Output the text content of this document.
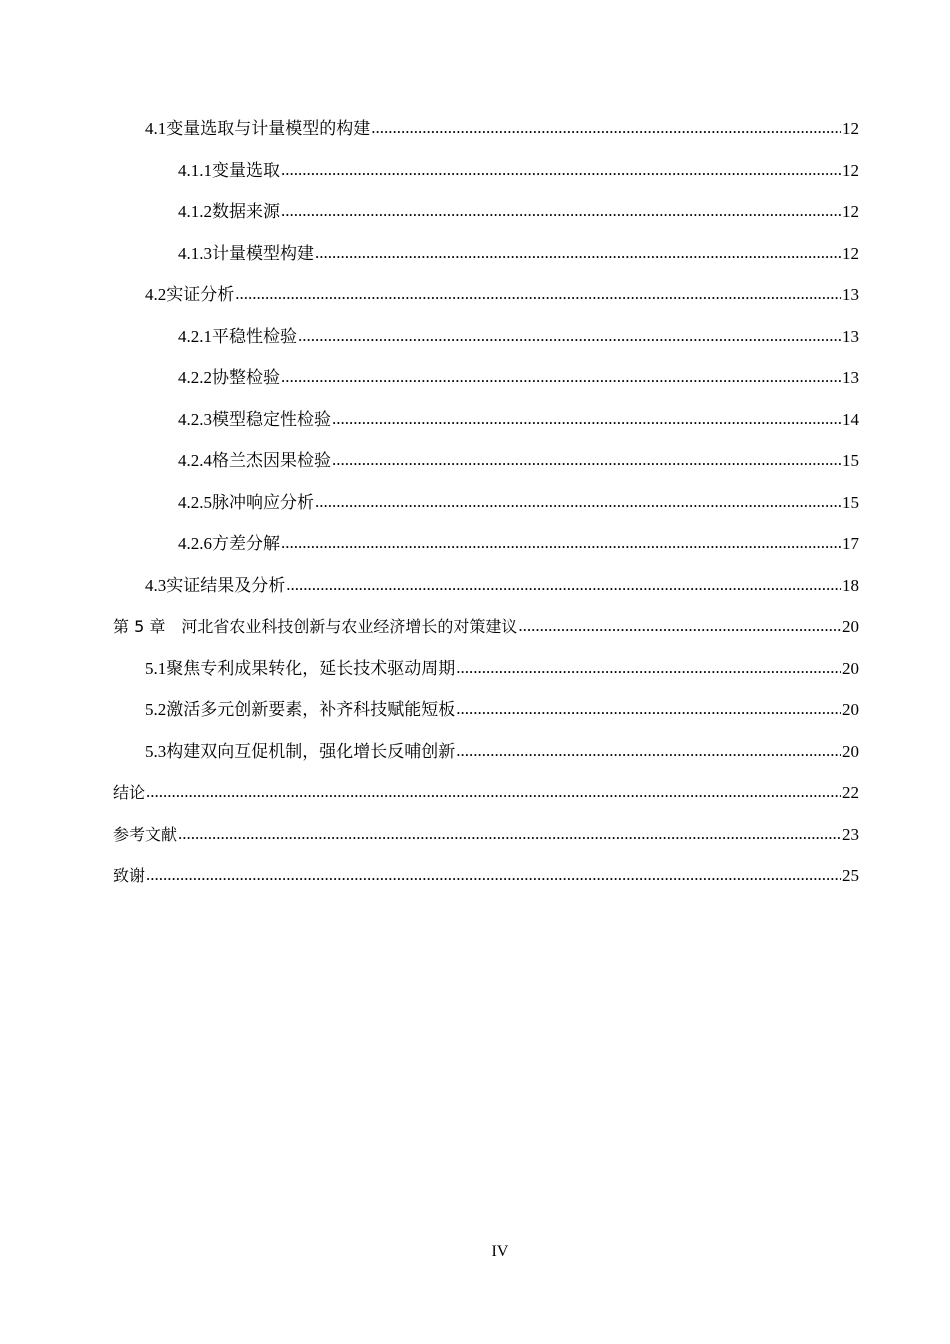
4.1 变量选取与计量模型的构建 .....	12
4.1.1 变量选取 .....	12
4.1.2 数据来源 .....	12
4.1.3 计量模型构建 .....	12
4.2 实证分析 .....	13
4.2.1 平稳性检验 .....	13
4.2.2 协整检验 .....	13
4.2.3 模型稳定性检验 .....	14
4.2.4 格兰杰因果检验 .....	15
4.2.5 脉冲响应分析 .....	15
4.2.6 方差分解 .....	17
4.3 实证结果及分析 .....	18
第 5 章 河北省农业科技创新与农业经济增长的对策建议 .....	20
5.1 聚焦专利成果转化，延长技术驱动周期 .....	20
5.2 激活多元创新要素，补齐科技赋能短板 .....	20
5.3 构建双向互促机制，强化增长反哺创新 .....	20
结论 .....	22
参考文献 .....	23
致谢 .....	25
IV
